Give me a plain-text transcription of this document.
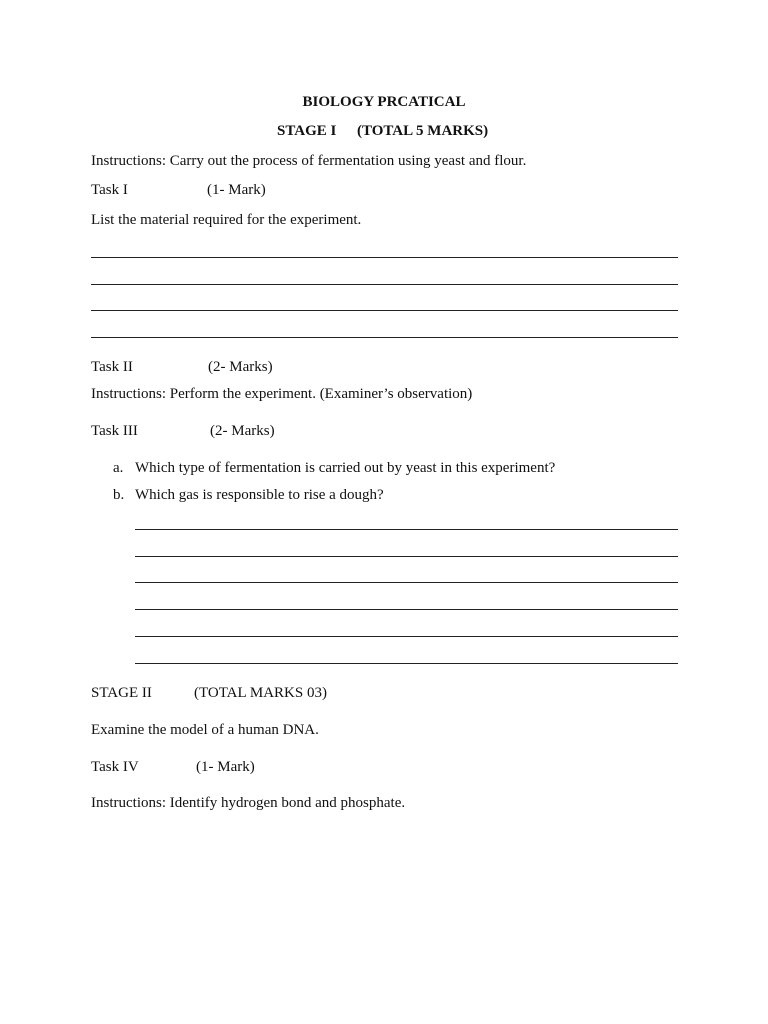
BIOLOGY PRCATICAL
STAGE I (TOTAL 5 MARKS)
Instructions: Carry out the process of fermentation using yeast and flour.
Task I	(1- Mark)
List the material required for the experiment.
Task II	(2- Marks)
Instructions: Perform the experiment. (Examiner’s observation)
Task III	(2- Marks)
a. Which type of fermentation is carried out by yeast in this experiment?
b. Which gas is responsible to rise a dough?
STAGE II	(TOTAL MARKS 03)
Examine the model of a human DNA.
Task IV	(1- Mark)
Instructions: Identify hydrogen bond and phosphate.
